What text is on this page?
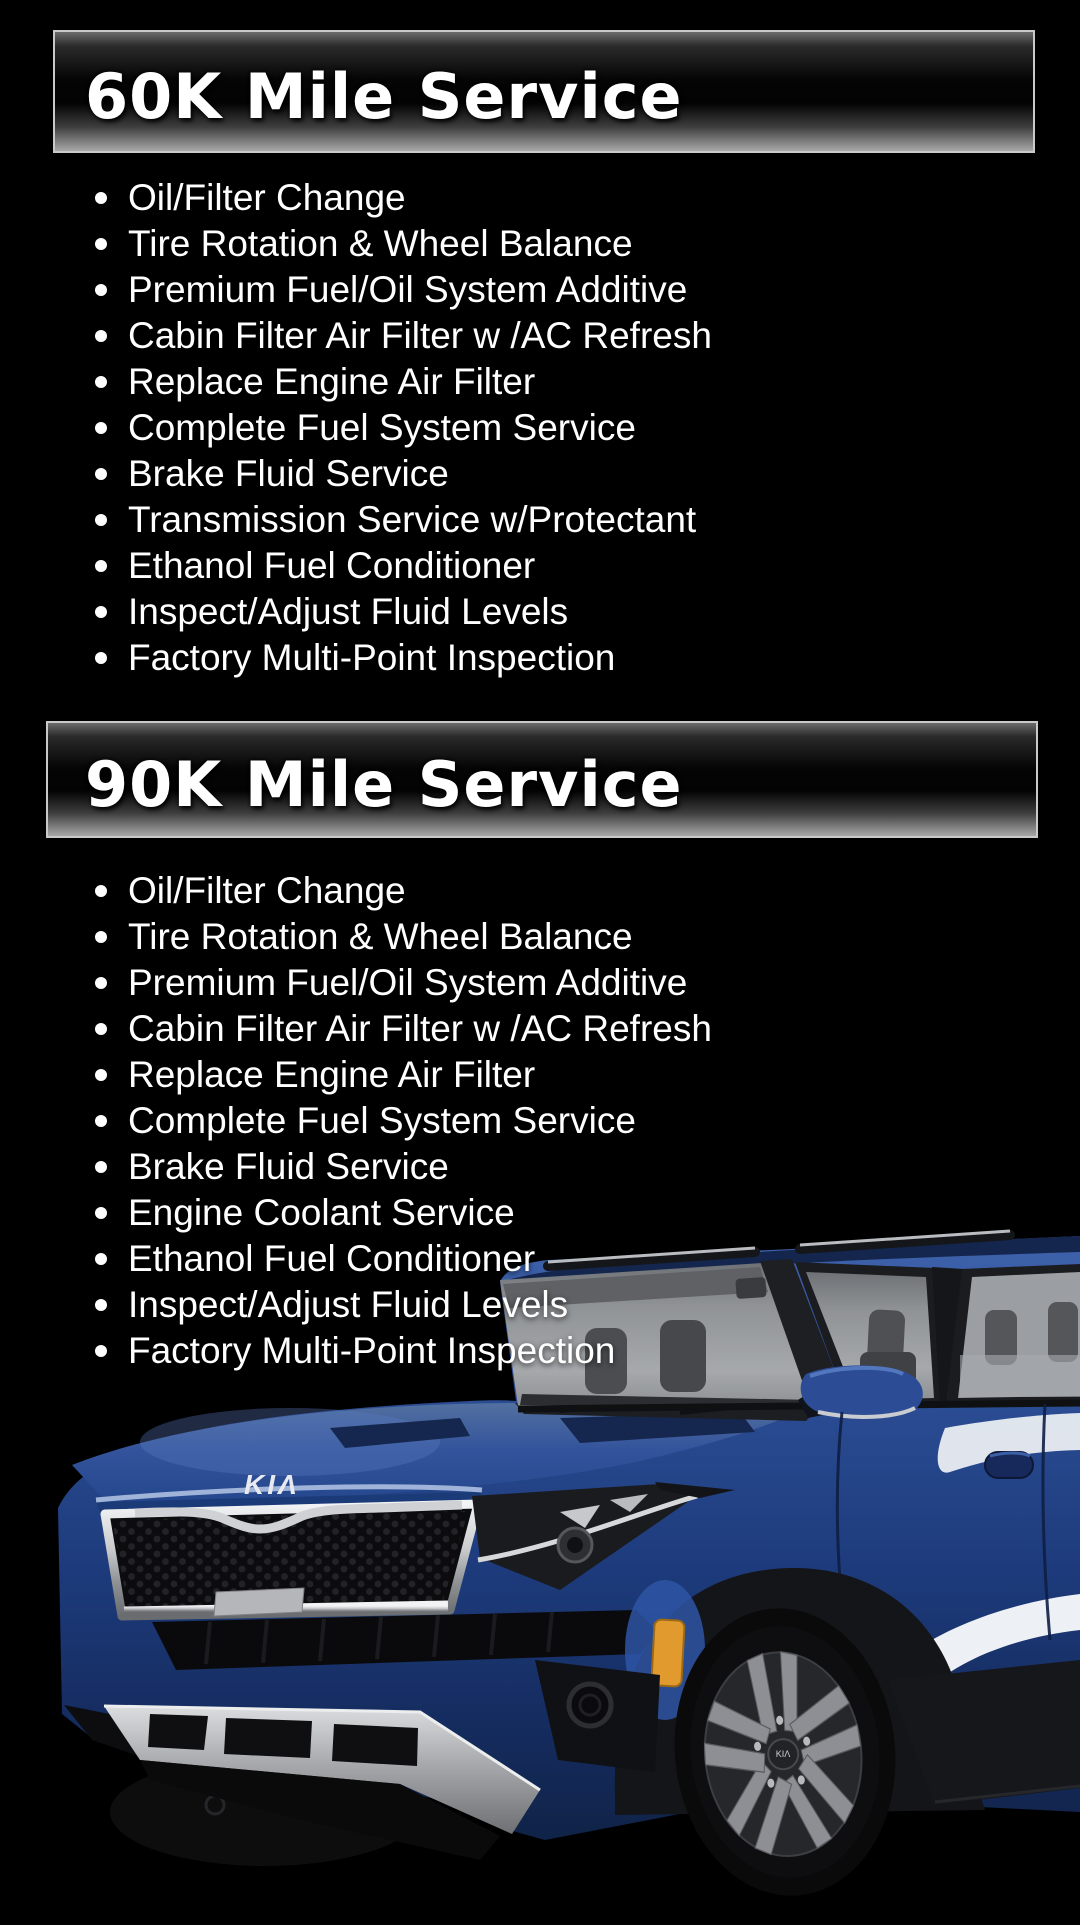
60K Mile Service
Oil/Filter Change
Tire Rotation & Wheel Balance
Premium Fuel/Oil System Additive
Cabin Filter Air Filter w /AC Refresh
Replace Engine Air Filter
Complete Fuel System Service
Brake Fluid Service
Transmission Service w/Protectant
Ethanol Fuel Conditioner
Inspect/Adjust Fluid Levels
Factory Multi-Point Inspection
90K Mile Service
Oil/Filter Change
Tire Rotation & Wheel Balance
Premium Fuel/Oil System Additive
Cabin Filter Air Filter w /AC Refresh
Replace Engine Air Filter
Complete Fuel System Service
Brake Fluid Service
Engine Coolant Service
Ethanol Fuel Conditioner
Inspect/Adjust Fluid Levels
Factory Multi-Point Inspection
KIΛ
KIΛ
